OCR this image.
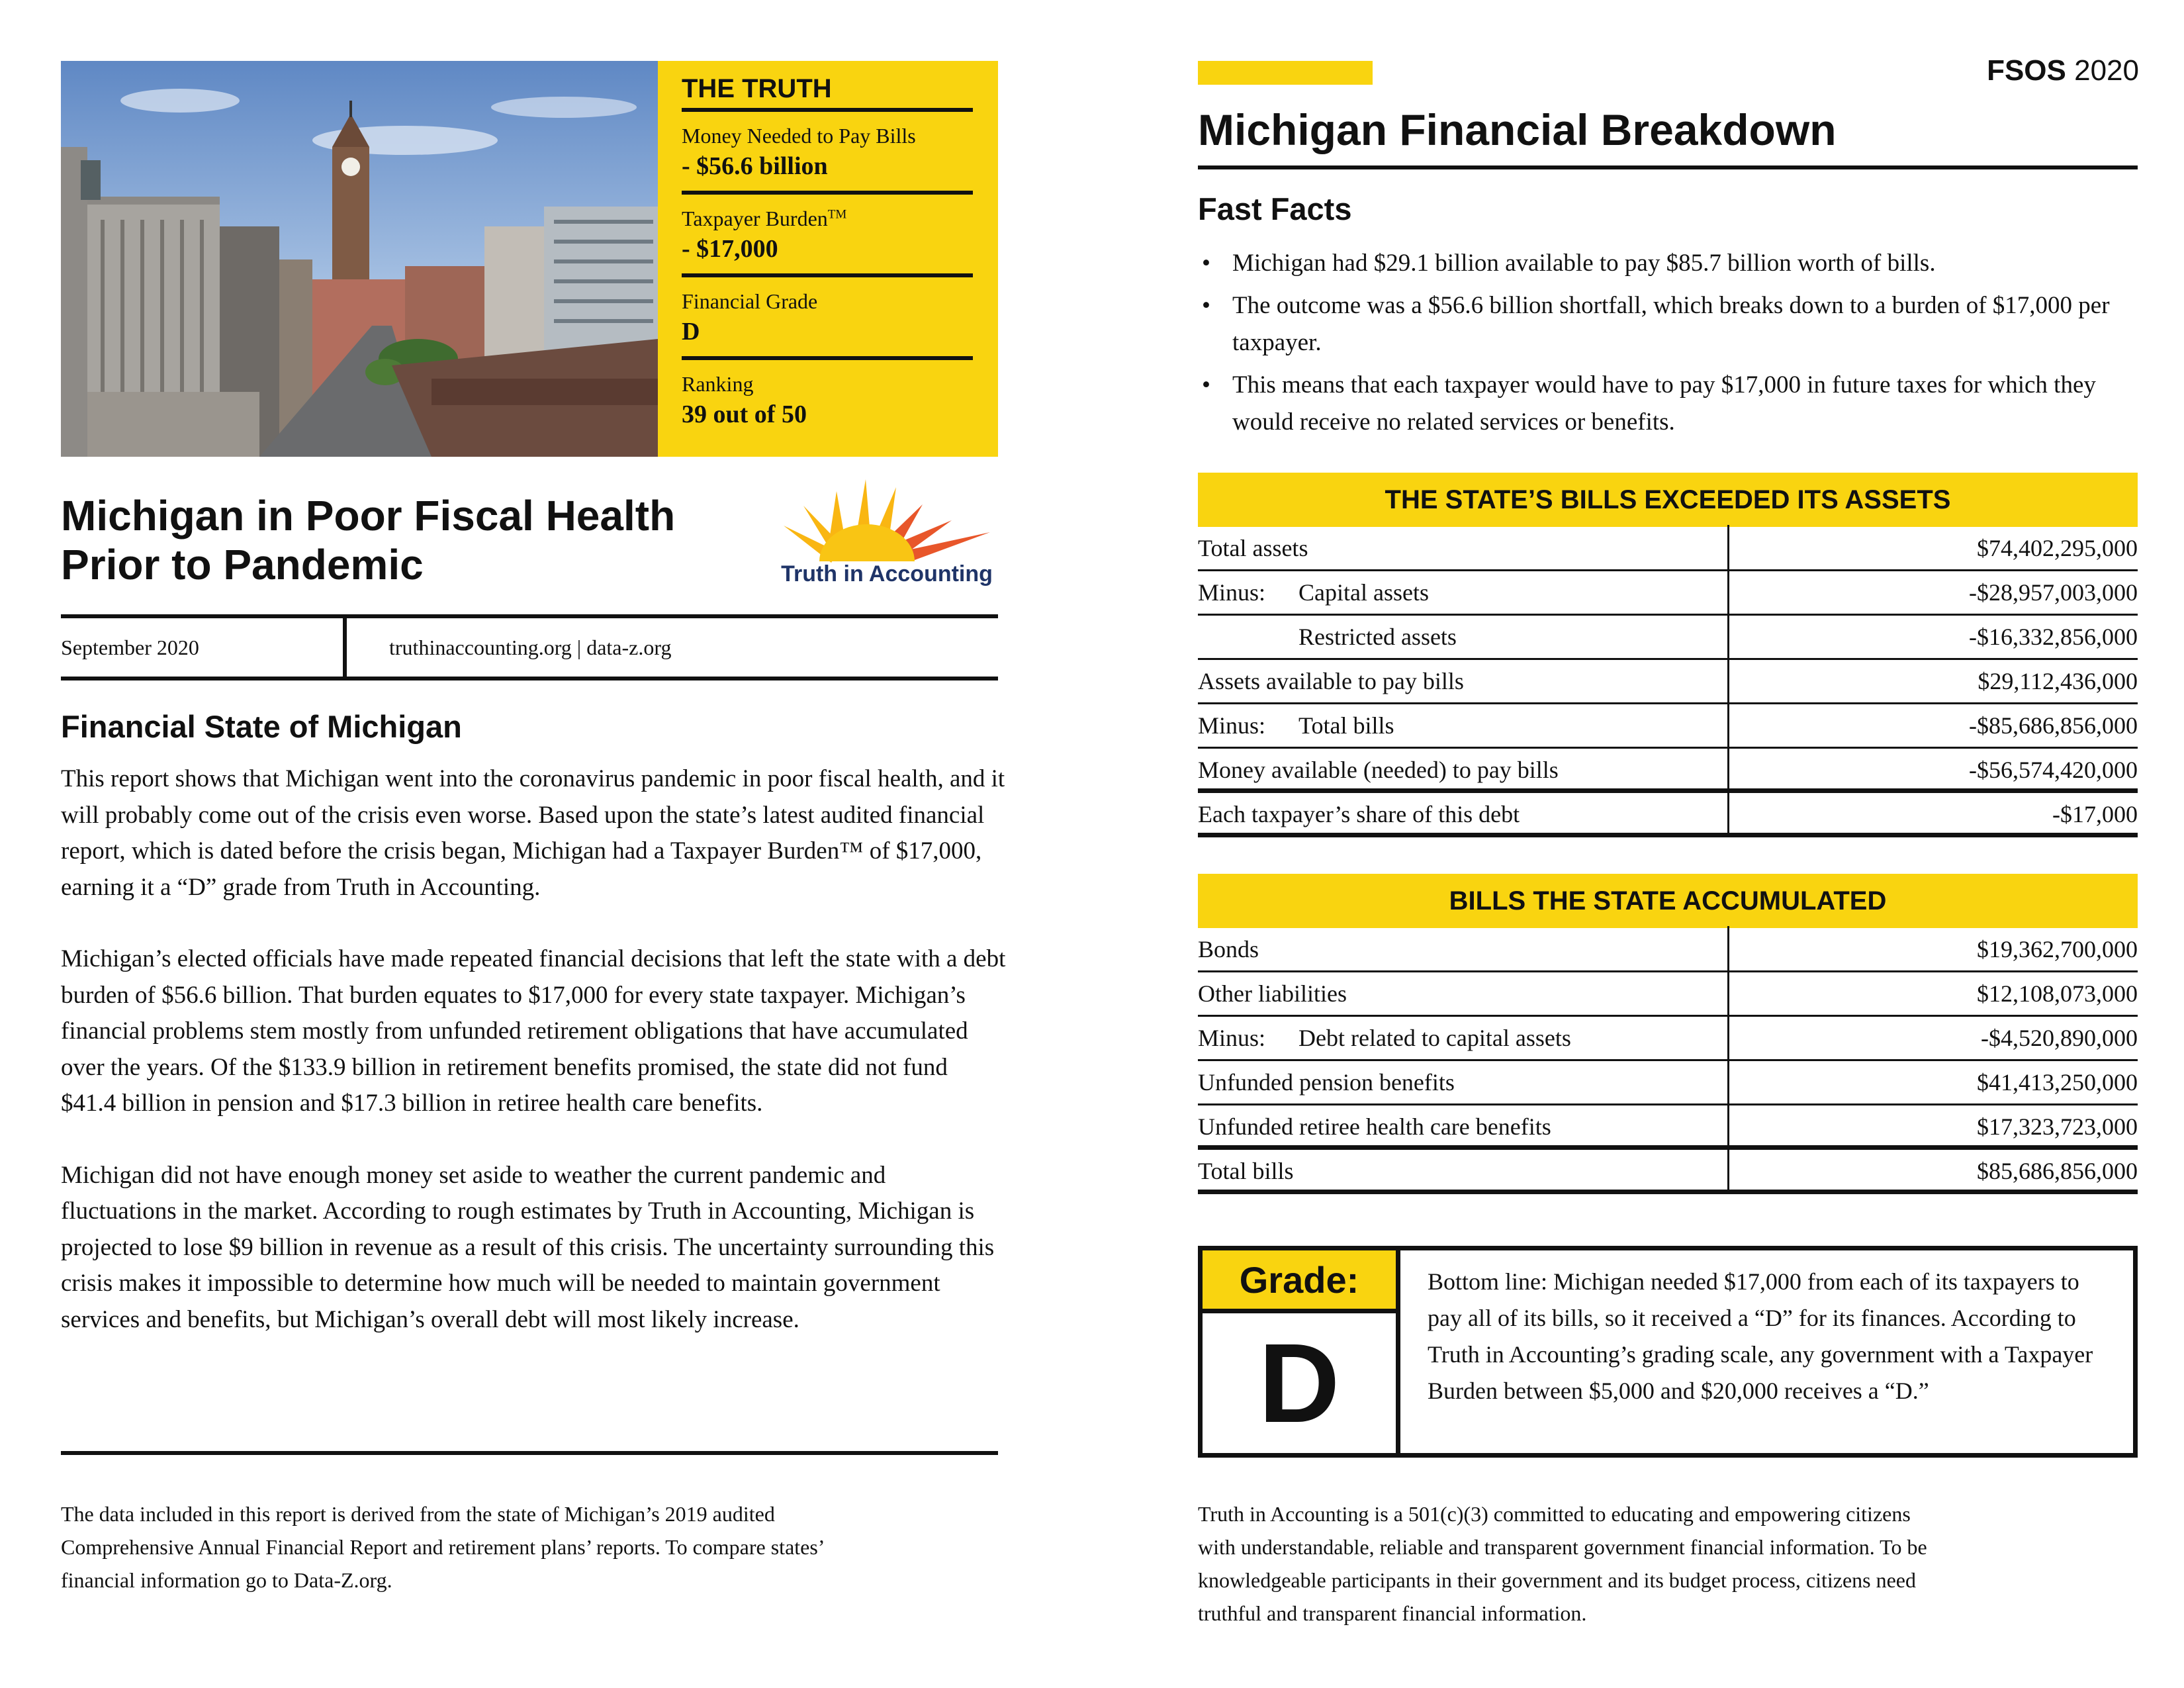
THE TRUTH
Money Needed to Pay Bills
- $56.6 billion
Taxpayer Burden™
- $17,000
Financial Grade
D
Ranking
39 out of 50
Michigan in Poor Fiscal Health
Prior to Pandemic	Truth in Accounting
September 2020	truthinaccounting.org | data-z.org
Financial State of Michigan

This report shows that Michigan went into the coronavirus pandemic in poor fiscal health, and it will probably come out of the crisis even worse. Based upon the state’s latest audited financial report, which is dated before the crisis began, Michigan had a Taxpayer Burden™ of $17,000, earning it a “D” grade from Truth in Accounting.

Michigan’s elected officials have made repeated financial decisions that left the state with a debt burden of $56.6 billion. That burden equates to $17,000 for every state taxpayer. Michigan’s financial problems stem mostly from unfunded retirement obligations that have accumulated over the years. Of the $133.9 billion in retirement benefits promised, the state did not fund $41.4 billion in pension and $17.3 billion in retiree health care benefits.

Michigan did not have enough money set aside to weather the current pandemic and fluctuations in the market. According to rough estimates by Truth in Accounting, Michigan is projected to lose $9 billion in revenue as a result of this crisis. The uncertainty surrounding this crisis makes it impossible to determine how much will be needed to maintain government services and benefits, but Michigan’s overall debt will most likely increase.

The data included in this report is derived from the state of Michigan’s 2019 audited
Comprehensive Annual Financial Report and retirement plans’ reports. To compare states’
financial information go to Data-Z.org.
FSOS 2020
Michigan Financial Breakdown
Fast Facts
• Michigan had $29.1 billion available to pay $85.7 billion worth of bills.
• The outcome was a $56.6 billion shortfall, which breaks down to a burden of $17,000 per taxpayer.
• This means that each taxpayer would have to pay $17,000 in future taxes for which they would receive no related services or benefits.
THE STATE’S BILLS EXCEEDED ITS ASSETS
Total assets	$74,402,295,000
Minus:	Capital assets	-$28,957,003,000
Restricted assets	-$16,332,856,000
Assets available to pay bills	$29,112,436,000
Minus:	Total bills	-$85,686,856,000
Money available (needed) to pay bills	-$56,574,420,000
Each taxpayer’s share of this debt	-$17,000
BILLS THE STATE ACCUMULATED
Bonds	$19,362,700,000
Other liabilities	$12,108,073,000
Minus:	Debt related to capital assets	-$4,520,890,000
Unfunded pension benefits	$41,413,250,000
Unfunded retiree health care benefits	$17,323,723,000
Total bills	$85,686,856,000
Grade:
D
Bottom line: Michigan needed $17,000 from each of its taxpayers to pay all of its bills, so it received a “D” for its finances. According to Truth in Accounting’s grading scale, any government with a Taxpayer Burden between $5,000 and $20,000 receives a “D.”
Truth in Accounting is a 501(c)(3) committed to educating and empowering citizens
with understandable, reliable and transparent government financial information. To be
knowledgeable participants in their government and its budget process, citizens need
truthful and transparent financial information.
